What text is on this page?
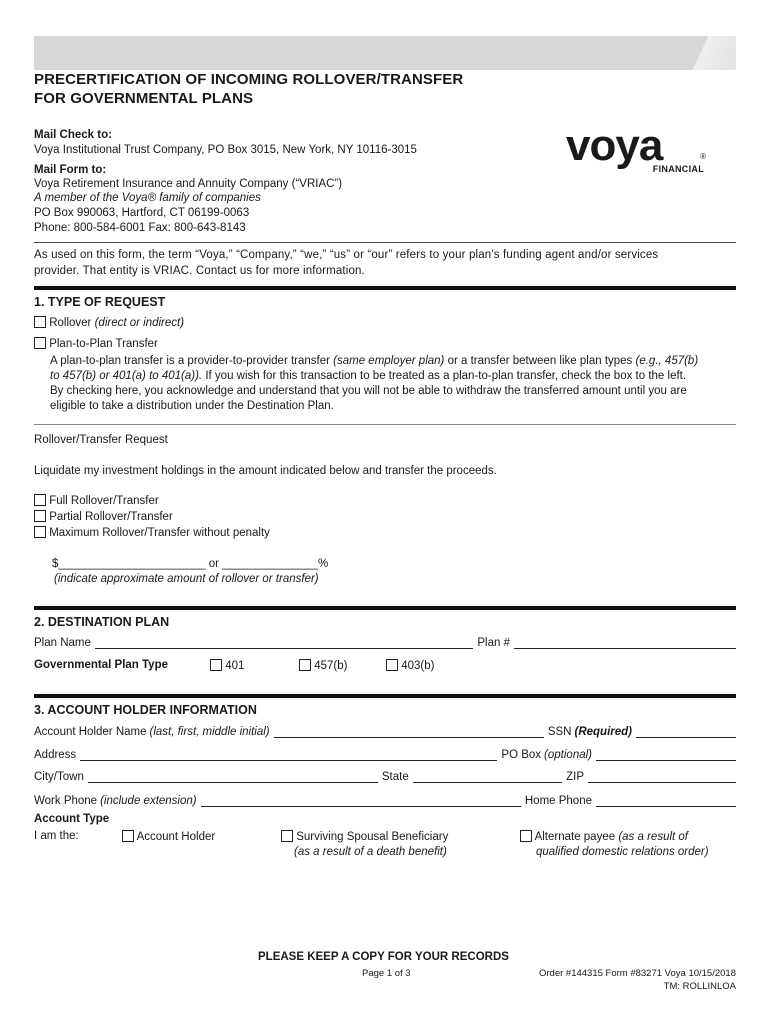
PRECERTIFICATION OF INCOMING ROLLOVER/TRANSFER
FOR GOVERNMENTAL PLANS
Mail Check to:
Voya Institutional Trust Company, PO Box 3015, New York, NY 10116-3015
Mail Form to:
Voya Retirement Insurance and Annuity Company (“VRIAC”)
A member of the Voya® family of companies
PO Box 990063, Hartford, CT 06199-0063
Phone: 800-584-6001 Fax: 800-643-8143
voya	®
FINANCIAL
As used on this form, the term “Voya,” “Company,” “we,” “us” or “our” refers to your plan’s funding agent and/or services
provider. That entity is VRIAC. Contact us for more information.
1. TYPE OF REQUEST
Rollover (direct or indirect)
Plan-to-Plan Transfer
A plan-to-plan transfer is a provider-to-provider transfer (same employer plan) or a transfer between like plan types (e.g., 457(b)
to 457(b) or 401(a) to 401(a)). If you wish for this transaction to be treated as a plan-to-plan transfer, check the box to the left.
By checking here, you acknowledge and understand that you will not be able to withdraw the transferred amount until you are
eligible to take a distribution under the Destination Plan.
Rollover/Transfer Request
Liquidate my investment holdings in the amount indicated below and transfer the proceeds.
Full Rollover/Transfer
Partial Rollover/Transfer
Maximum Rollover/Transfer without penalty
$_______________________ or _______________%
(indicate approximate amount of rollover or transfer)
2. DESTINATION PLAN
Plan Name	Plan #
Governmental Plan Type	401	457(b)	403(b)
3. ACCOUNT HOLDER INFORMATION
Account Holder Name (last, first, middle initial)	SSN (Required)
Address	PO Box (optional)
City/Town	State	ZIP
Work Phone (include extension)	Home Phone
Account Type
I am the:	Account Holder	Surviving Spousal Beneficiary
(as a result of a death benefit)
Alternate payee (as a result of
qualified domestic relations order)
PLEASE KEEP A COPY FOR YOUR RECORDS
Page 1 of 3	Order #144315 Form #83271 Voya 10/15/2018
TM: ROLLINLOA
